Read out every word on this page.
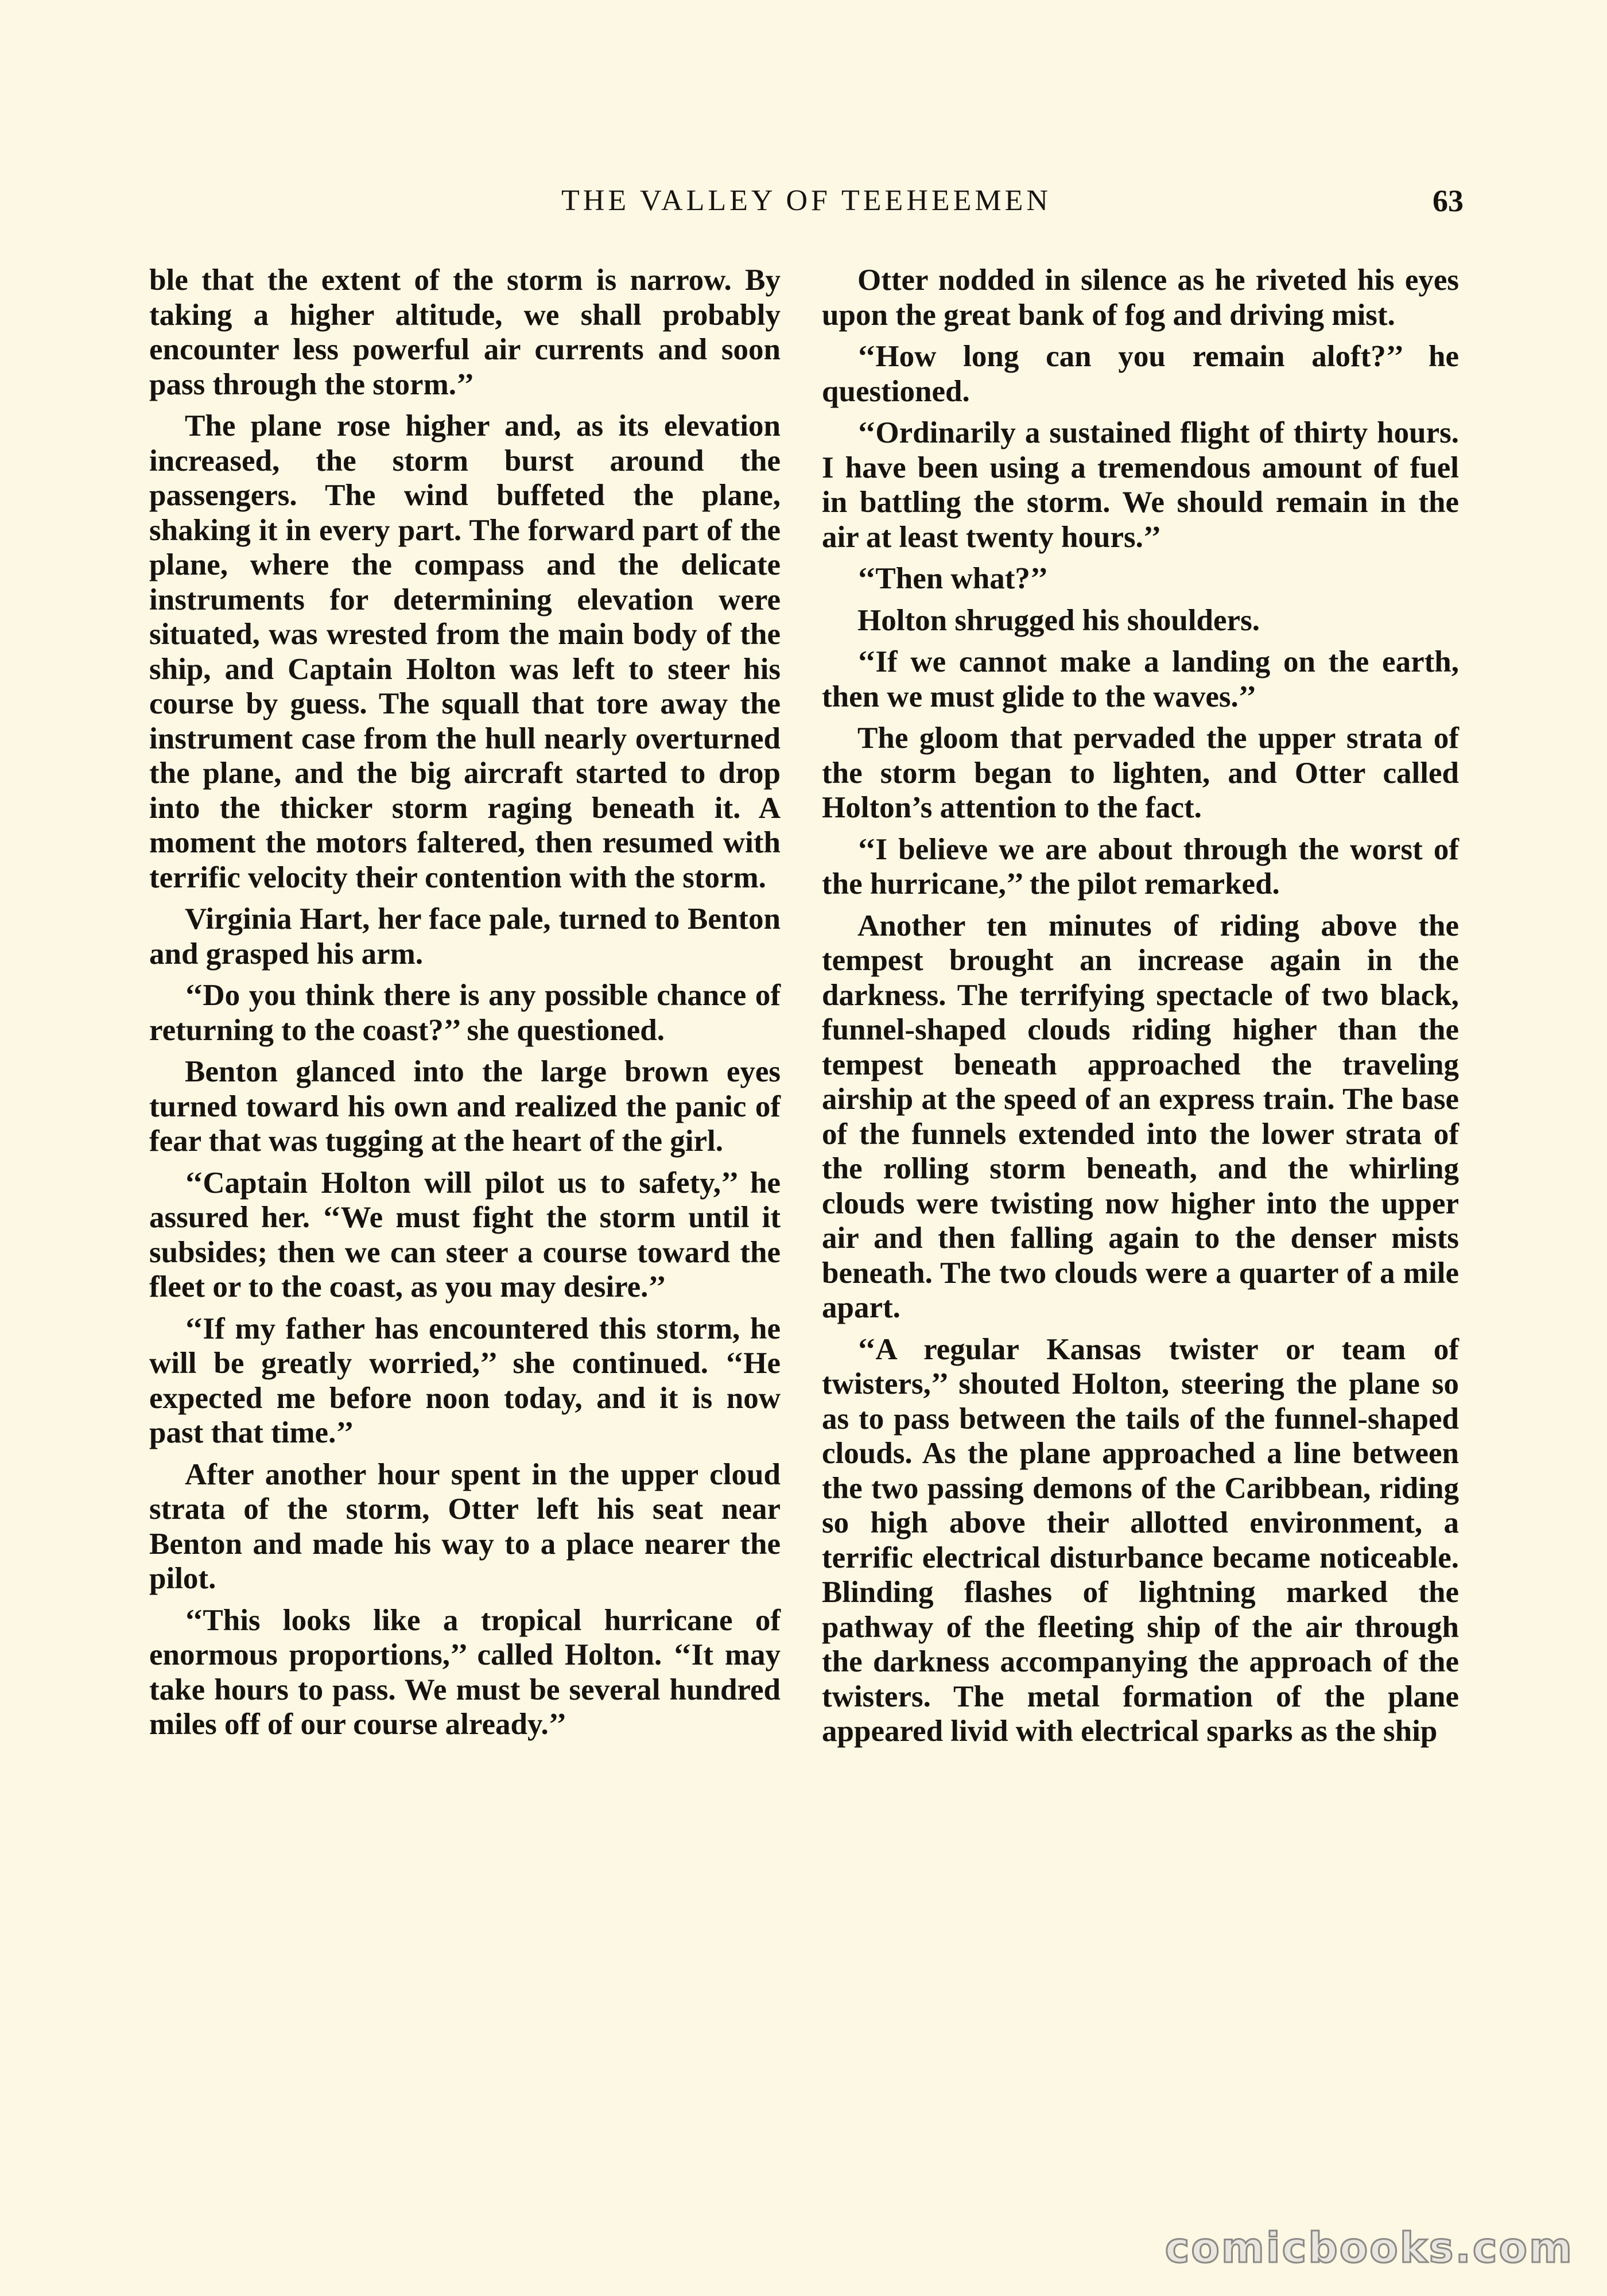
THE VALLEY OF TEEHEEMEN	63

ble that the extent of the storm is narrow. By taking a higher altitude, we shall probably encounter less powerful air currents and soon pass through the storm.’’

The plane rose higher and, as its elevation increased, the storm burst around the passengers. The wind buffeted the plane, shaking it in every part. The forward part of the plane, where the compass and the delicate instruments for determining elevation were situated, was wrested from the main body of the ship, and Captain Holton was left to steer his course by guess. The squall that tore away the instrument case from the hull nearly overturned the plane, and the big aircraft started to drop into the thicker storm raging beneath it. A moment the motors faltered, then resumed with terrific velocity their contention with the storm.

Virginia Hart, her face pale, turned to Benton and grasped his arm.

‘‘Do you think there is any possible chance of returning to the coast?’’ she questioned.

Benton glanced into the large brown eyes turned toward his own and realized the panic of fear that was tugging at the heart of the girl.

‘‘Captain Holton will pilot us to safety,’’ he assured her. ‘‘We must fight the storm until it subsides; then we can steer a course toward the fleet or to the coast, as you may desire.’’

‘‘If my father has encountered this storm, he will be greatly worried,’’ she continued. ‘‘He expected me before noon today, and it is now past that time.’’

After another hour spent in the upper cloud strata of the storm, Otter left his seat near Benton and made his way to a place nearer the pilot.

‘‘This looks like a tropical hurricane of enormous proportions,’’ called Holton. ‘‘It may take hours to pass. We must be several hundred miles off of our course already.’’

Otter nodded in silence as he riveted his eyes upon the great bank of fog and driving mist.

‘‘How long can you remain aloft?’’ he questioned.

‘‘Ordinarily a sustained flight of thirty hours. I have been using a tremendous amount of fuel in battling the storm. We should remain in the air at least twenty hours.’’

‘‘Then what?’’

Holton shrugged his shoulders.

‘‘If we cannot make a landing on the earth, then we must glide to the waves.’’

The gloom that pervaded the upper strata of the storm began to lighten, and Otter called Holton’s attention to the fact.

‘‘I believe we are about through the worst of the hurricane,’’ the pilot remarked.

Another ten minutes of riding above the tempest brought an increase again in the darkness. The terrifying spectacle of two black, funnel-shaped clouds riding higher than the tempest beneath approached the traveling airship at the speed of an express train. The base of the funnels extended into the lower strata of the rolling storm beneath, and the whirling clouds were twisting now higher into the upper air and then falling again to the denser mists beneath. The two clouds were a quarter of a mile apart.

‘‘A regular Kansas twister or team of twisters,’’ shouted Holton, steering the plane so as to pass between the tails of the funnel-shaped clouds. As the plane approached a line between the two passing demons of the Caribbean, riding so high above their allotted environment, a terrific electrical disturbance became noticeable. Blinding flashes of lightning marked the pathway of the fleeting ship of the air through the darkness accompanying the approach of the twisters. The metal formation of the plane appeared livid with electrical sparks as the ship

comicbooks.com
